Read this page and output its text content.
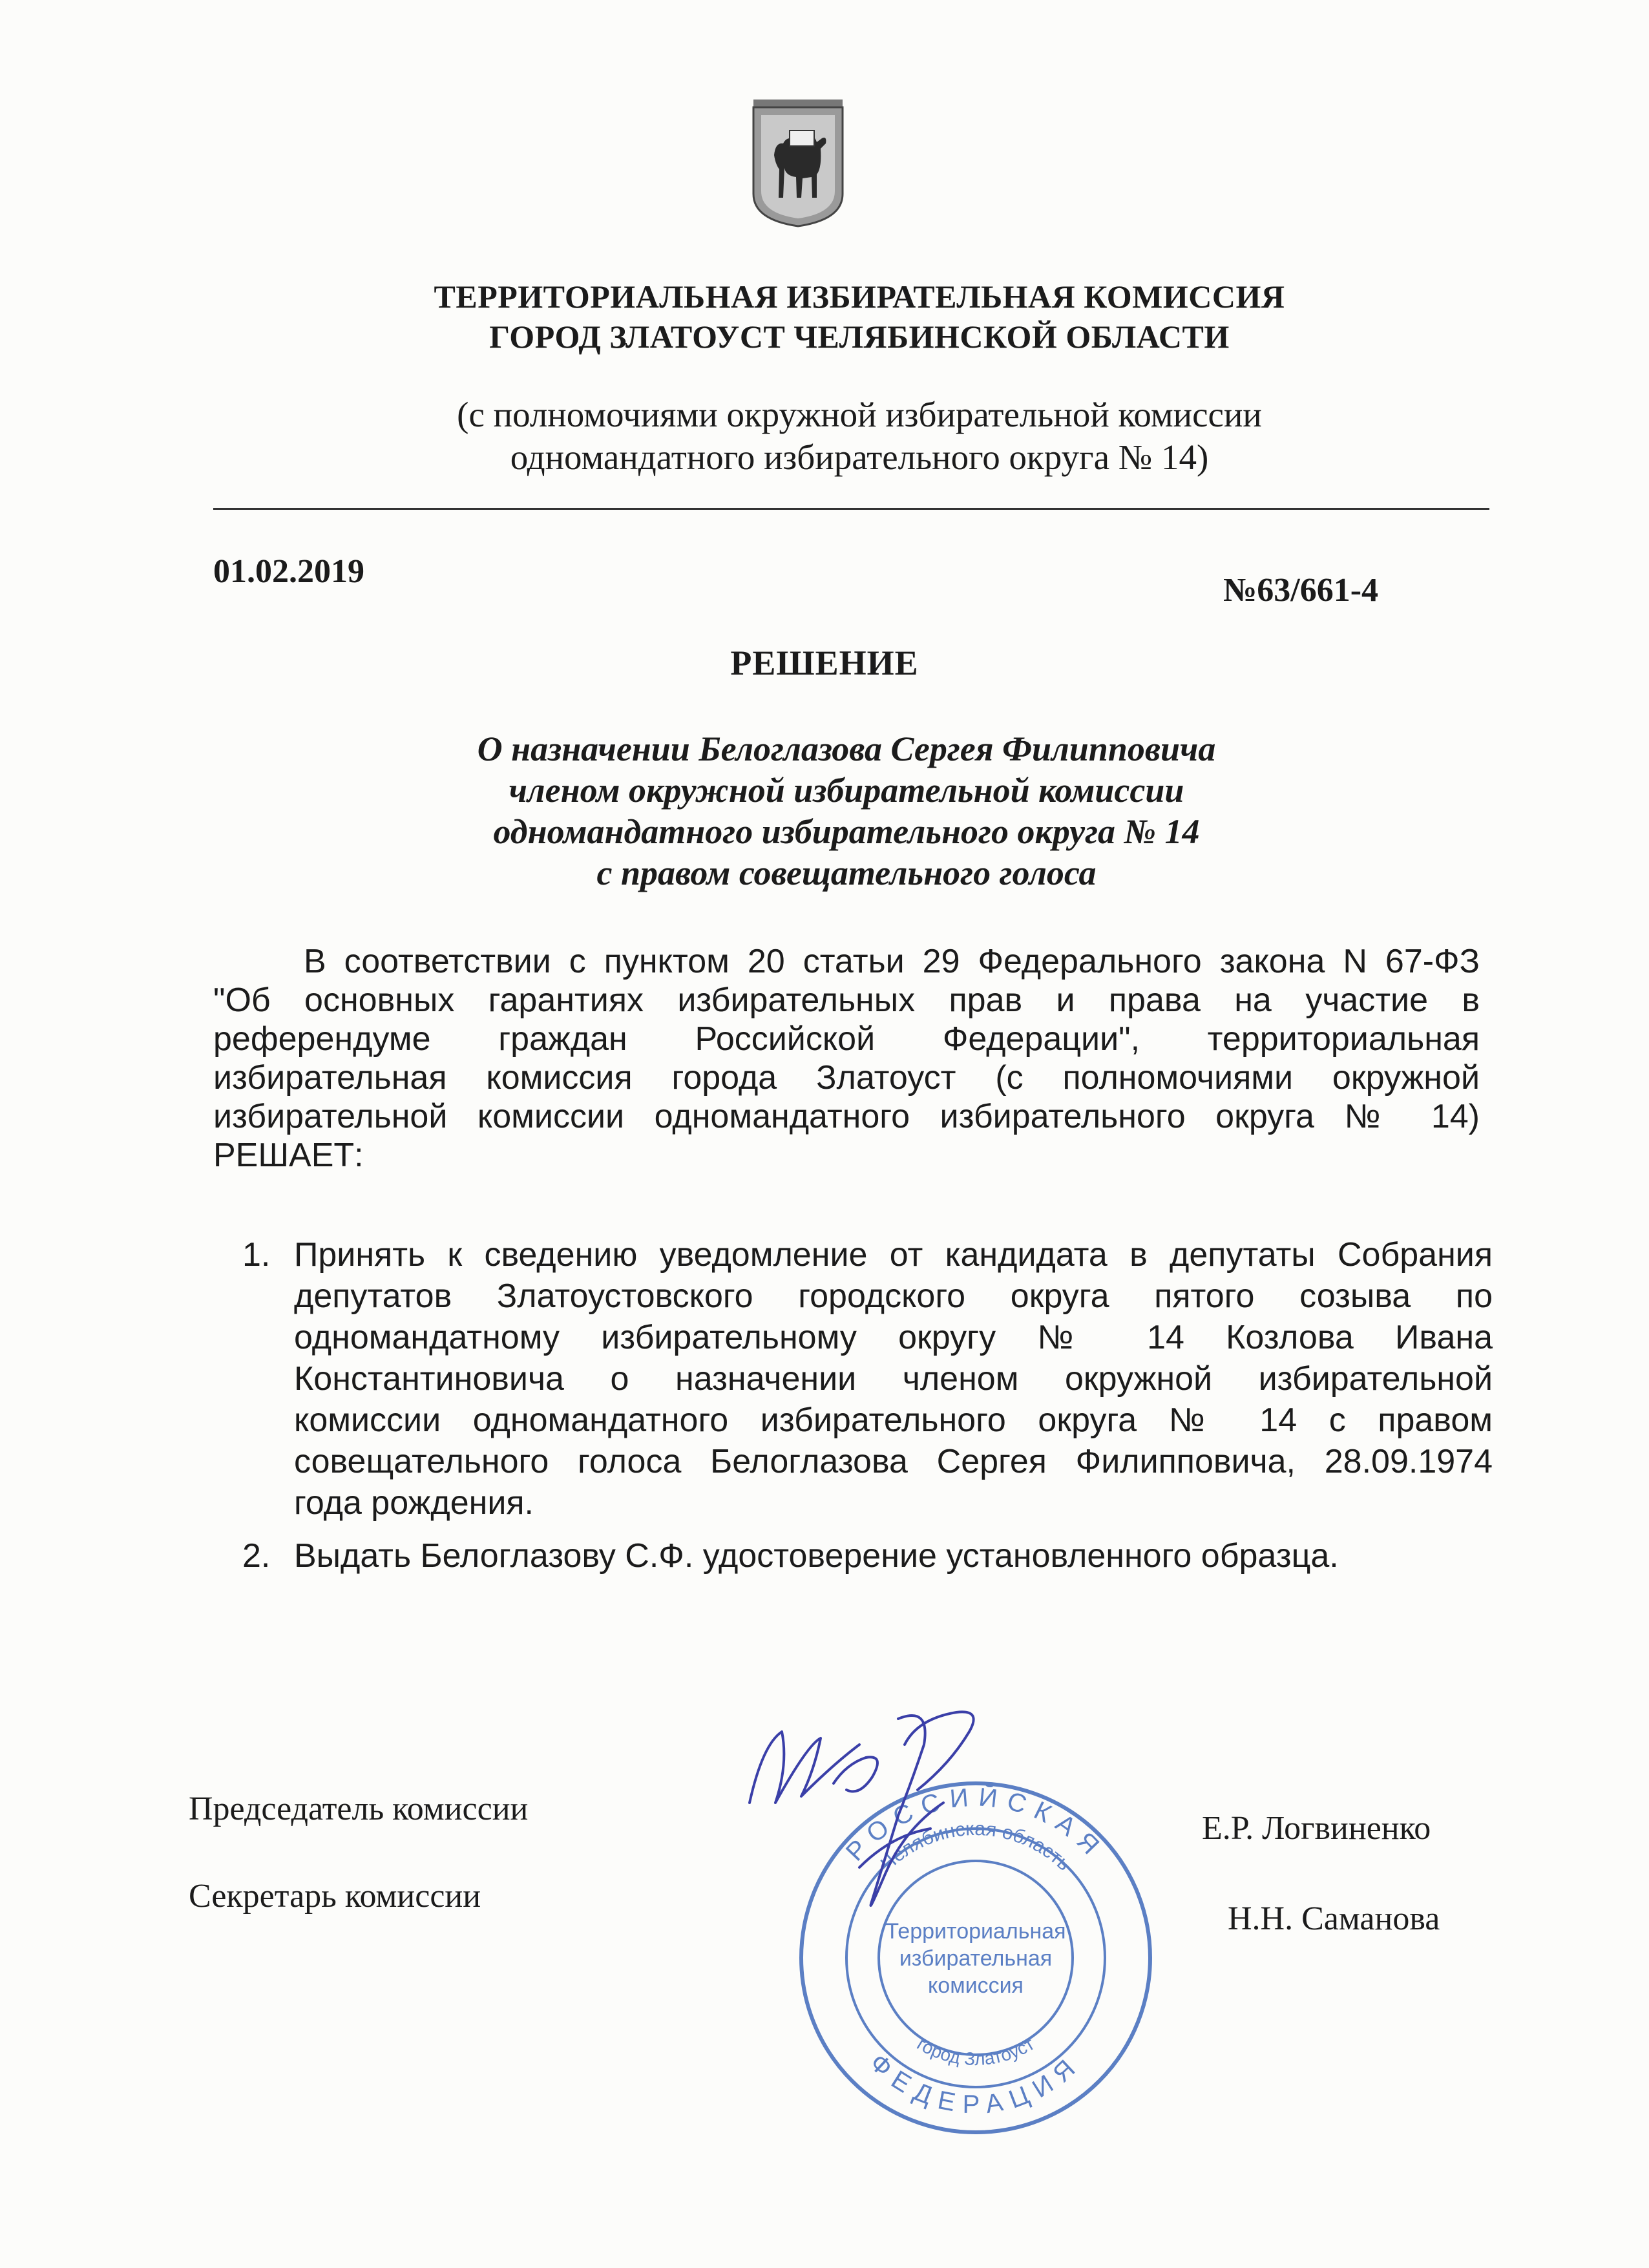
ТЕРРИТОРИАЛЬНАЯ ИЗБИРАТЕЛЬНАЯ КОМИССИЯ
ГОРОД ЗЛАТОУСТ ЧЕЛЯБИНСКОЙ ОБЛАСТИ
(с полномочиями окружной избирательной комиссии
одномандатного избирательного округа № 14)
01.02.2019
№63/661-4
РЕШЕНИЕ
О назначении Белоглазова Сергея Филипповича
членом окружной избирательной комиссии
одномандатного избирательного округа № 14
с правом совещательного голоса
В соответствии с пунктом 20 статьи 29 Федерального закона N 67-ФЗ
"Об основных гарантиях избирательных прав и права на участие в
референдуме граждан Российской Федерации", территориальная
избирательная комиссия города Златоуст (с полномочиями окружной
избирательной комиссии одномандатного избирательного округа № 14)
РЕШАЕТ:
1. Принять к сведению уведомление от кандидата в депутаты Собрания
депутатов Златоустовского городского округа пятого созыва по
одномандатному избирательному округу № 14 Козлова Ивана
Константиновича о назначении членом окружной избирательной
комиссии одномандатного избирательного округа № 14 с правом
совещательного голоса Белоглазова Сергея Филипповича, 28.09.1974
года рождения.
2. Выдать Белоглазову С.Ф. удостоверение установленного образца.
Председатель комиссии
Секретарь комиссии
Е.Р. Логвиненко
Н.Н. Саманова
РОССИЙСКАЯ
ФЕДЕРАЦИЯ
Челябинская область
город Златоуст
Территориальная
избирательная
комиссия
